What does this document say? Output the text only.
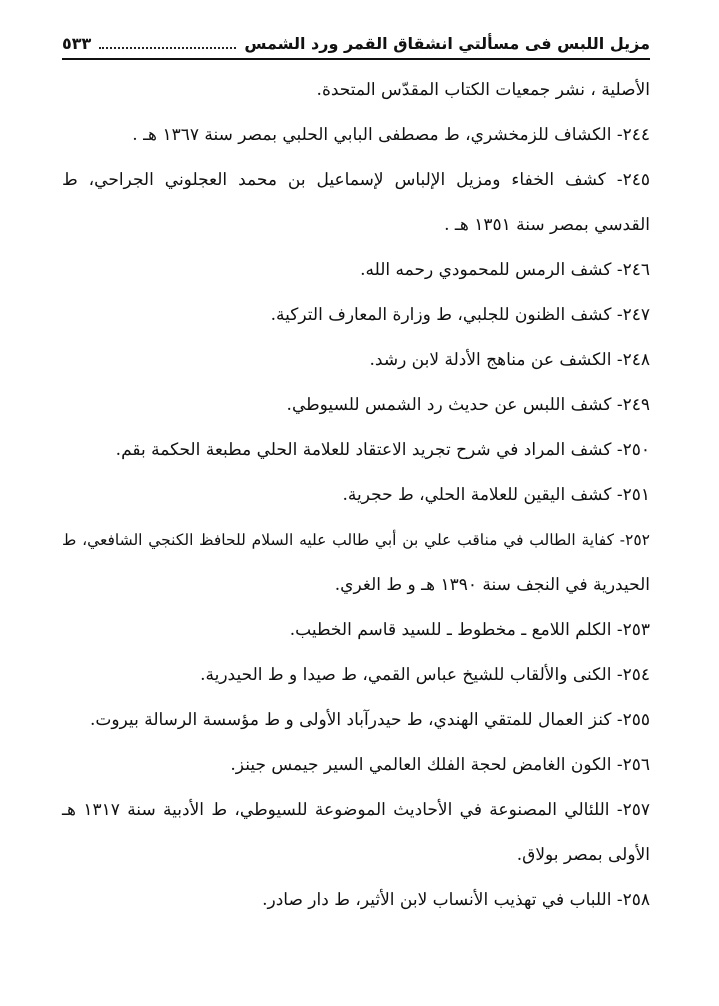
مزيل اللبس فى مسألتي انشقاق القمر ورد الشمس
٥٣٣
الأصلية ، نشر جمعيات الكتاب المقدّس المتحدة.
٢٤٤- الكشاف للزمخشري، ط مصطفى البابي الحلبي بمصر سنة ١٣٦٧ هـ .
٢٤٥- كشف الخفاء ومزيل الإلباس لإسماعيل بن محمد العجلوني الجراحي، ط
القدسي بمصر سنة ١٣٥١ هـ .
٢٤٦- كشف الرمس للمحمودي رحمه الله.
٢٤٧- كشف الظنون للجلبي، ط وزارة المعارف التركية.
٢٤٨- الكشف عن مناهج الأدلة لابن رشد.
٢٤٩- كشف اللبس عن حديث رد الشمس للسيوطي.
٢٥٠- كشف المراد في شرح تجريد الاعتقاد للعلامة الحلي مطبعة الحكمة بقم.
٢٥١- كشف اليقين للعلامة الحلي، ط حجرية.
٢٥٢- كفاية الطالب في مناقب علي بن أبي طالب عليه السلام للحافظ الكنجي الشافعي، ط
الحيدرية في النجف سنة ١٣٩٠ هـ و ط الغري.
٢٥٣- الكلم اللامع ـ مخطوط ـ للسيد قاسم الخطيب.
٢٥٤- الكنى والألقاب للشيخ عباس القمي، ط صيدا و ط الحيدرية.
٢٥٥- كنز العمال للمتقي الهندي، ط حيدرآباد الأولى و ط مؤسسة الرسالة بيروت.
٢٥٦- الكون الغامض لحجة الفلك العالمي السير جيمس جينز.
٢٥٧- اللئالي المصنوعة في الأحاديث الموضوعة للسيوطي، ط الأدبية سنة ١٣١٧ هـ
الأولى بمصر بولاق.
٢٥٨- اللباب في تهذيب الأنساب لابن الأثير، ط دار صادر.
